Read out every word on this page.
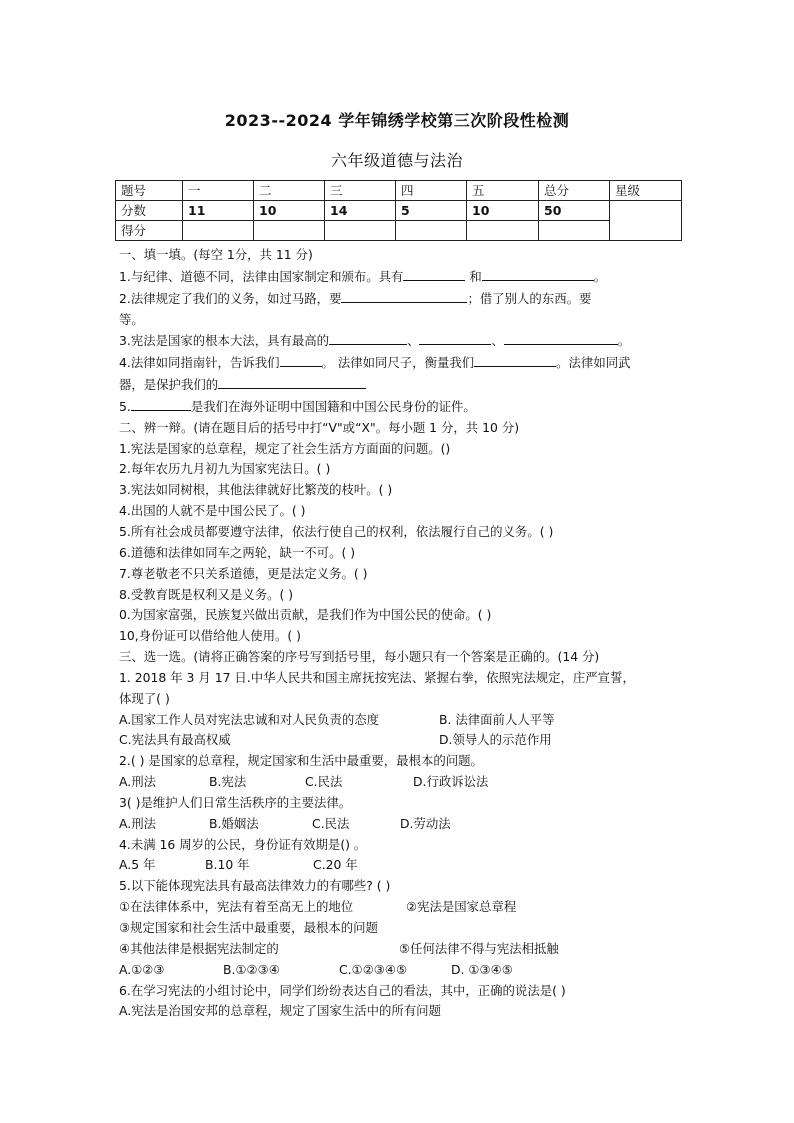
2023--2024 学年锦绣学校第三次阶段性检测
六年级道德与法治
题号	一	二	三	四	五	总分	星级
分数	11	10	14	5	10	50	
得分							
一、填一填。(每空 1分，共 11 分)
1.与纪律、道德不同，法律由国家制定和颁布。具有	和	。
2.法律规定了我们的义务，如过马路，要	；借了别人的东西。要
等。
3.宪法是国家的根本大法，具有最高的	、	、	。
4.法律如同指南针，告诉我们	。 法律如同尺子，衡量我们	。法律如同武
器，是保护我们的
5.	是我们在海外证明中国国籍和中国公民身份的证件。
二、辨一辩。(请在题目后的括号中打“V"或“X"。每小题 1 分，共 10 分)
1.宪法是国家的总章程，规定了社会生活方方面面的问题。()
2.每年农历九月初九为国家宪法日。( )
3.宪法如同树根，其他法律就好比繁茂的枝叶。( )
4.出国的人就不是中国公民了。( )
5.所有社会成员都要遵守法律，依法行使自己的权利，依法履行自己的义务。( )
6.道德和法律如同车之两轮，缺一不可。( )
7.尊老敬老不只关系道德，更是法定义务。( )
8.受教育既是权利又是义务。( )
0.为国家富强，民族复兴做出贡献，是我们作为中国公民的使命。( )
10,身份证可以借给他人使用。( )
三、选一选。(请将正确答案的序号写到括号里，每小题只有一个答案是正确的。(14 分)
1. 2018 年 3 月 17 日.中华人民共和国主席抚按宪法、紧握右拳，依照宪法规定，庄严宣誓，
体现了( )
A.国家工作人员对宪法忠诚和对人民负责的态度	B. 法律面前人人平等
C.宪法具有最高权威	D.领导人的示范作用
2.( ) 是国家的总章程，规定国家和生活中最重要，最根本的问题。
A.刑法	B.宪法	C.民法	D.行政诉讼法
3( )是维护人们日常生活秩序的主要法律。
A.刑法	B.婚姻法	C.民法	D.劳动法
4.未满 16 周岁的公民，身份证有效期是() 。
A.5 年	B.10 年	C.20 年
5.以下能体现宪法具有最高法律效力的有哪些? ( )
①在法律体系中，宪法有着至高无上的地位	②宪法是国家总章程
③规定国家和社会生活中最重要，最根本的问题
④其他法律是根据宪法制定的	⑤任何法律不得与宪法相抵触
A.①②③	B.①②③④	C.①②③④⑤	D. ①③④⑤
6.在学习宪法的小组讨论中，同学们纷纷表达自己的看法，其中，正确的说法是( )
A.宪法是治国安邦的总章程，规定了国家生活中的所有问题
